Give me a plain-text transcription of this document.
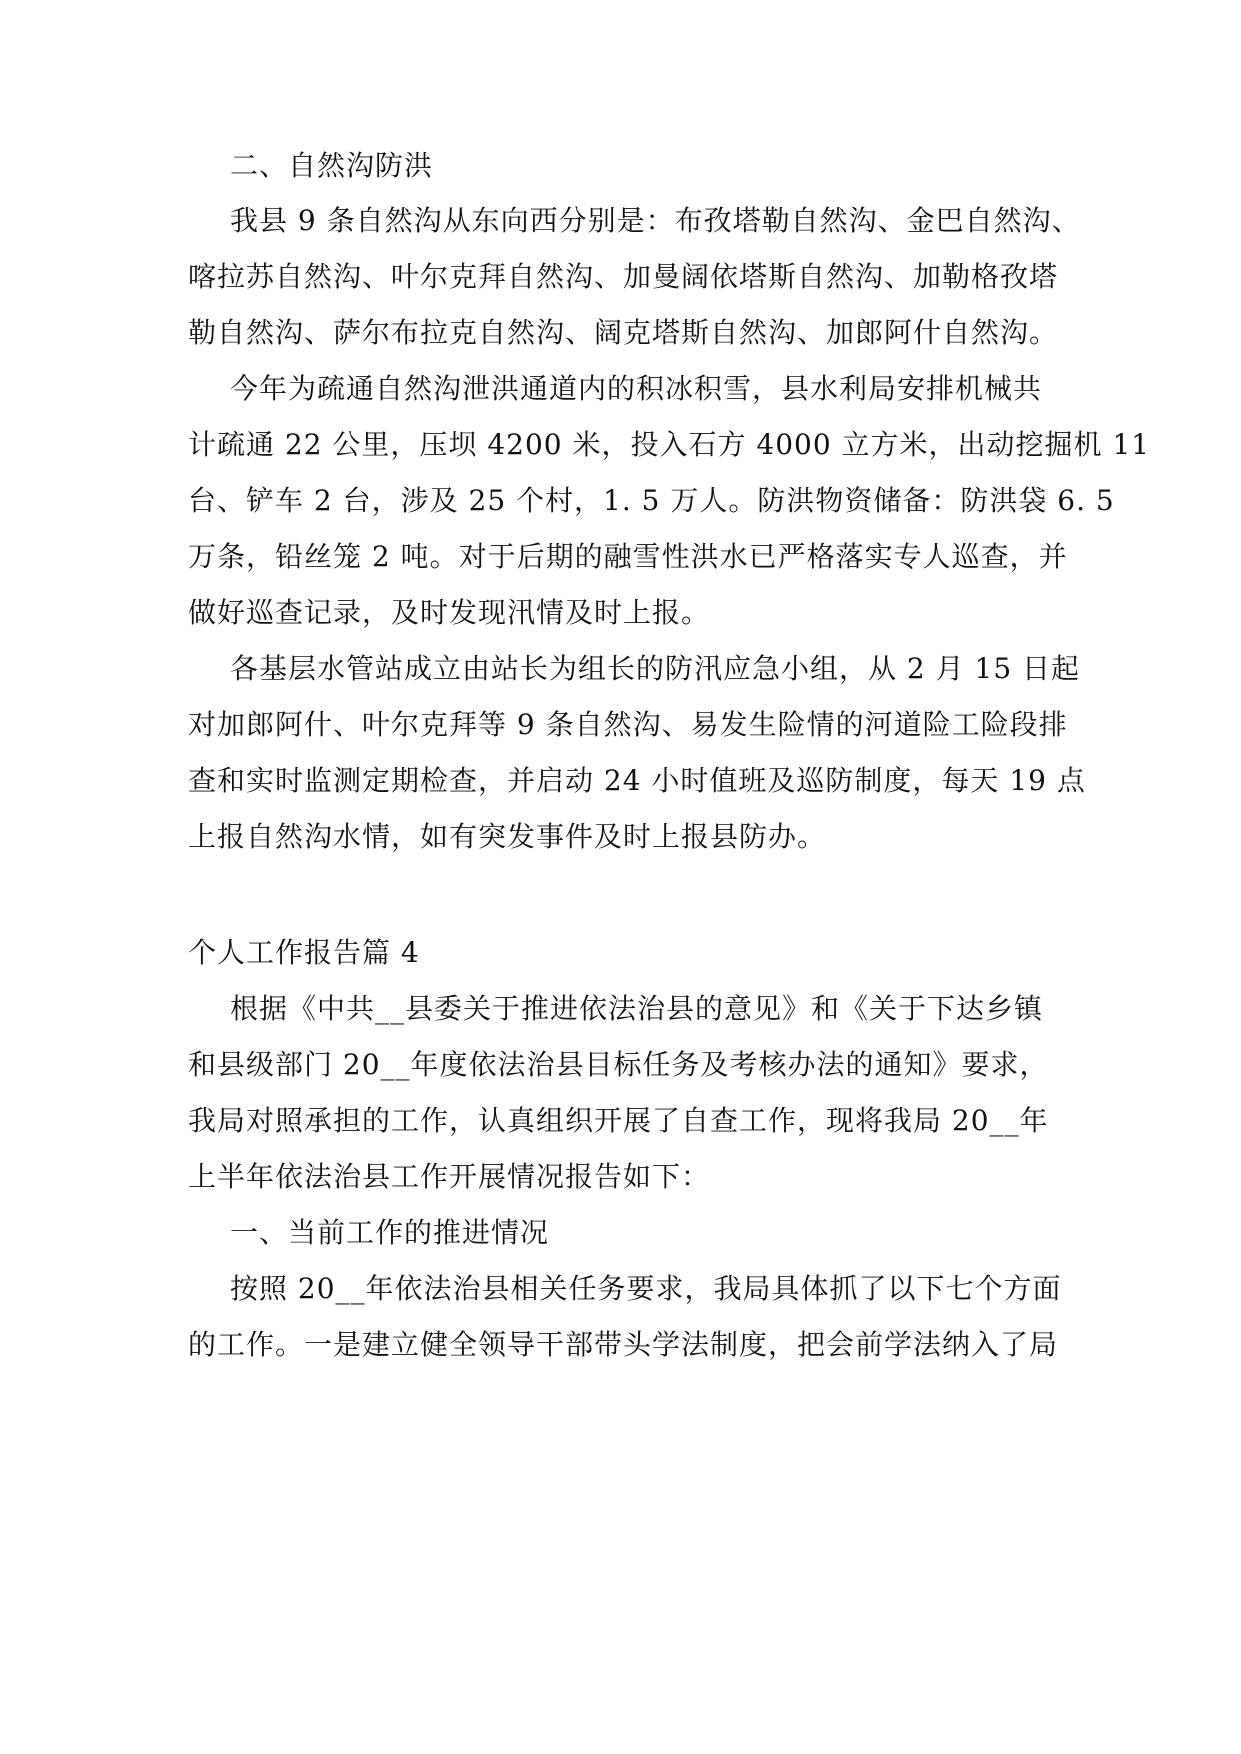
二、自然沟防洪
我县 9 条自然沟从东向西分别是：布孜塔勒自然沟、金巴自然沟、
喀拉苏自然沟、叶尔克拜自然沟、加曼阔依塔斯自然沟、加勒格孜塔
勒自然沟、萨尔布拉克自然沟、阔克塔斯自然沟、加郎阿什自然沟。
今年为疏通自然沟泄洪通道内的积冰积雪，县水利局安排机械共
计疏通 22 公里，压坝 4200 米，投入石方 4000 立方米，出动挖掘机 11
台、铲车 2 台，涉及 25 个村，1. 5 万人。防洪物资储备：防洪袋 6. 5
万条，铅丝笼 2 吨。对于后期的融雪性洪水已严格落实专人巡查，并
做好巡查记录，及时发现汛情及时上报。
各基层水管站成立由站长为组长的防汛应急小组，从 2 月 15 日起
对加郎阿什、叶尔克拜等 9 条自然沟、易发生险情的河道险工险段排
查和实时监测定期检查，并启动 24 小时值班及巡防制度，每天 19 点
上报自然沟水情，如有突发事件及时上报县防办。
个人工作报告篇 4
根据《中共__县委关于推进依法治县的意见》和《关于下达乡镇
和县级部门 20__年度依法治县目标任务及考核办法的通知》要求，
我局对照承担的工作，认真组织开展了自查工作，现将我局 20__年
上半年依法治县工作开展情况报告如下：
一、当前工作的推进情况
按照 20__年依法治县相关任务要求，我局具体抓了以下七个方面
的工作。一是建立健全领导干部带头学法制度，把会前学法纳入了局
